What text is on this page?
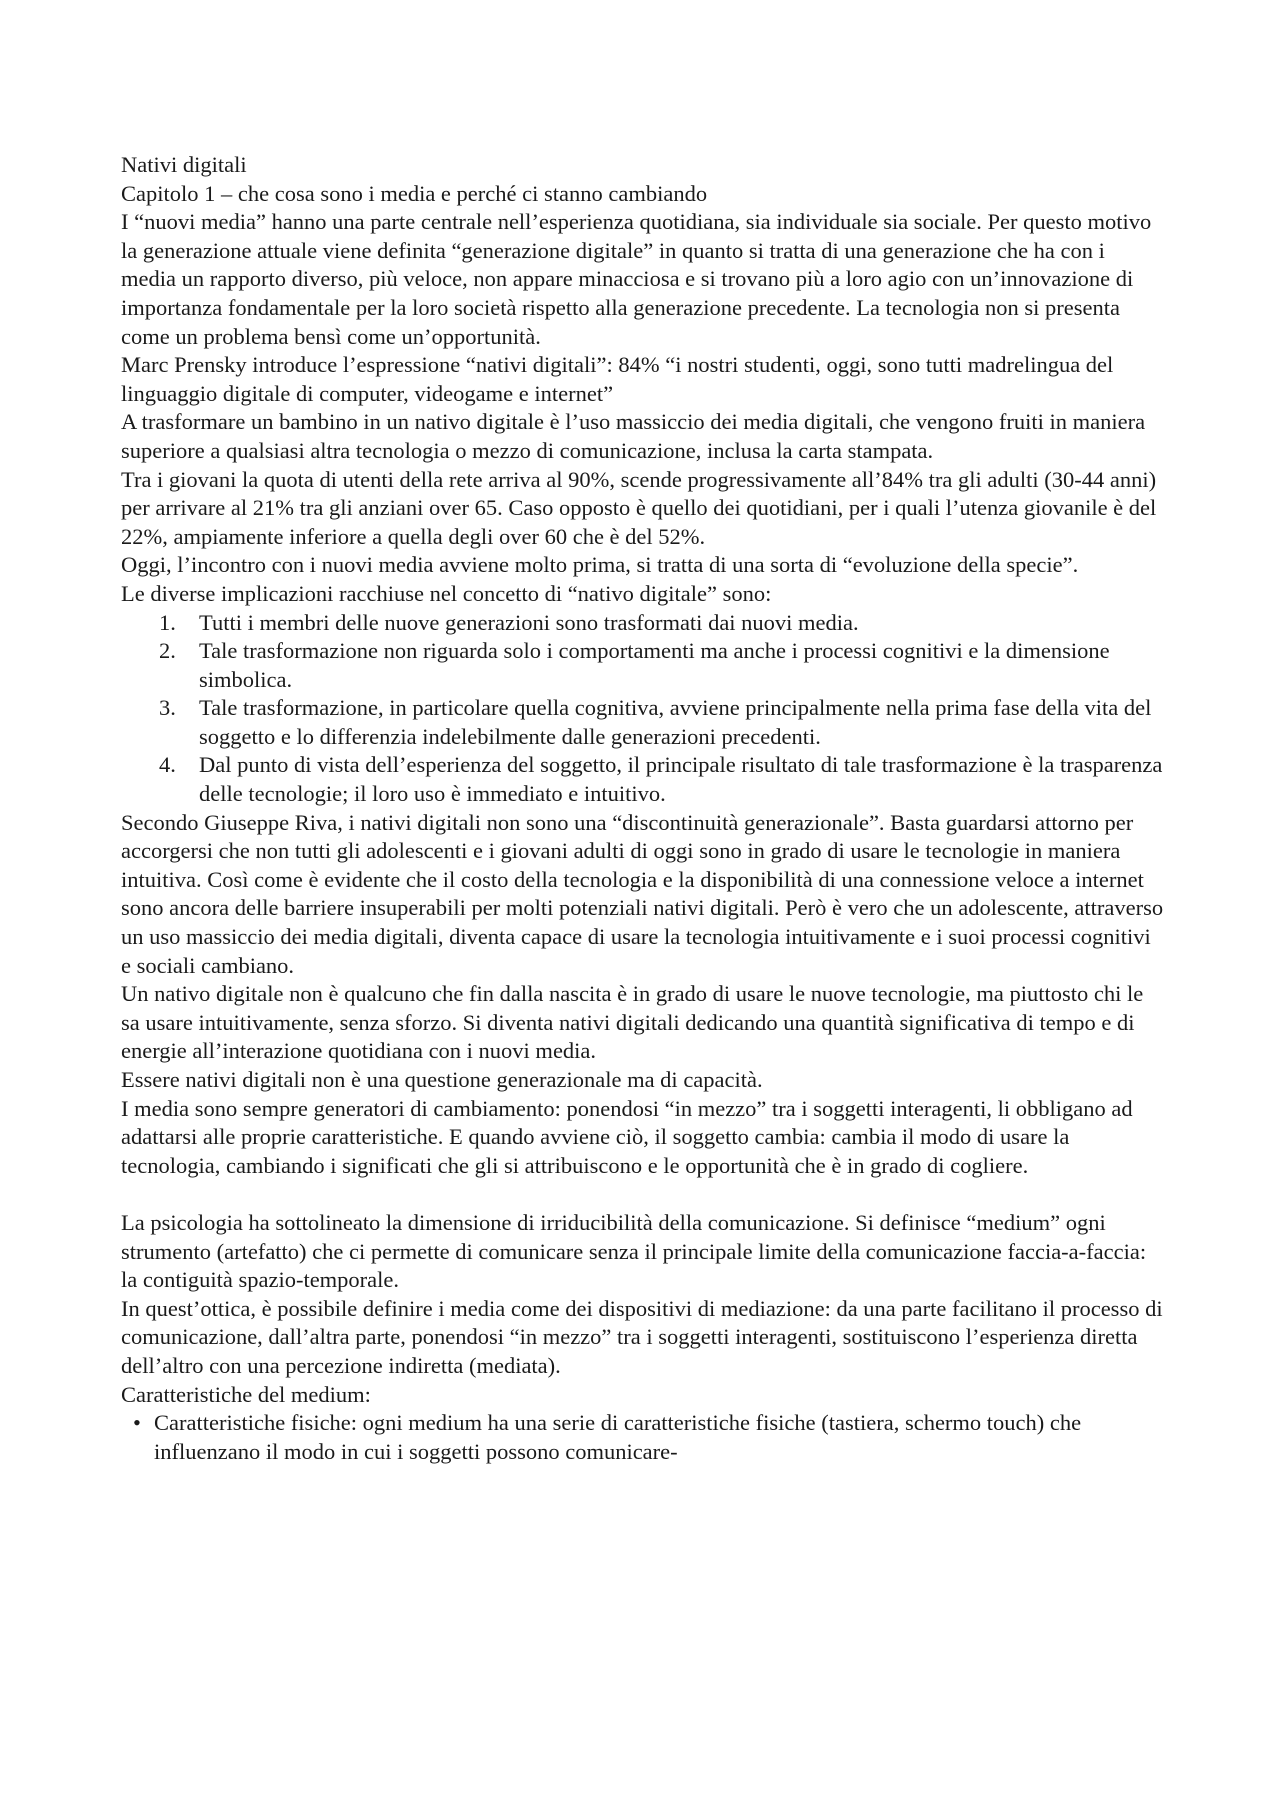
Nativi digitali

Capitolo 1 – che cosa sono i media e perché ci stanno cambiando

I “nuovi media” hanno una parte centrale nell’esperienza quotidiana, sia individuale sia sociale. Per questo motivo la generazione attuale viene definita “generazione digitale” in quanto si tratta di una generazione che ha con i media un rapporto diverso, più veloce, non appare minacciosa e si trovano più a loro agio con un’innovazione di importanza fondamentale per la loro società rispetto alla generazione precedente. La tecnologia non si presenta come un problema bensì come un’opportunità.

Marc Prensky introduce l’espressione “nativi digitali”: 84% “i nostri studenti, oggi, sono tutti madrelingua del linguaggio digitale di computer, videogame e internet”

A trasformare un bambino in un nativo digitale è l’uso massiccio dei media digitali, che vengono fruiti in maniera superiore a qualsiasi altra tecnologia o mezzo di comunicazione, inclusa la carta stampata.

Tra i giovani la quota di utenti della rete arriva al 90%, scende progressivamente all’84% tra gli adulti (30-44 anni) per arrivare al 21% tra gli anziani over 65. Caso opposto è quello dei quotidiani, per i quali l’utenza giovanile è del 22%, ampiamente inferiore a quella degli over 60 che è del 52%.

Oggi, l’incontro con i nuovi media avviene molto prima, si tratta di una sorta di “evoluzione della specie”.

Le diverse implicazioni racchiuse nel concetto di “nativo digitale” sono:

1. Tutti i membri delle nuove generazioni sono trasformati dai nuovi media.
2. Tale trasformazione non riguarda solo i comportamenti ma anche i processi cognitivi e la dimensione simbolica.
3. Tale trasformazione, in particolare quella cognitiva, avviene principalmente nella prima fase della vita del soggetto e lo differenzia indelebilmente dalle generazioni precedenti.
4. Dal punto di vista dell’esperienza del soggetto, il principale risultato di tale trasformazione è la trasparenza delle tecnologie; il loro uso è immediato e intuitivo.

Secondo Giuseppe Riva, i nativi digitali non sono una “discontinuità generazionale”. Basta guardarsi attorno per accorgersi che non tutti gli adolescenti e i giovani adulti di oggi sono in grado di usare le tecnologie in maniera intuitiva. Così come è evidente che il costo della tecnologia e la disponibilità di una connessione veloce a internet sono ancora delle barriere insuperabili per molti potenziali nativi digitali. Però è vero che un adolescente, attraverso un uso massiccio dei media digitali, diventa capace di usare la tecnologia intuitivamente e i suoi processi cognitivi e sociali cambiano.

Un nativo digitale non è qualcuno che fin dalla nascita è in grado di usare le nuove tecnologie, ma piuttosto chi le sa usare intuitivamente, senza sforzo. Si diventa nativi digitali dedicando una quantità significativa di tempo e di energie all’interazione quotidiana con i nuovi media.

Essere nativi digitali non è una questione generazionale ma di capacità.

I media sono sempre generatori di cambiamento: ponendosi “in mezzo” tra i soggetti interagenti, li obbligano ad adattarsi alle proprie caratteristiche. E quando avviene ciò, il soggetto cambia: cambia il modo di usare la tecnologia, cambiando i significati che gli si attribuiscono e le opportunità che è in grado di cogliere.

La psicologia ha sottolineato la dimensione di irriducibilità della comunicazione. Si definisce “medium” ogni strumento (artefatto) che ci permette di comunicare senza il principale limite della comunicazione faccia-a-faccia: la contiguità spazio-temporale.

In quest’ottica, è possibile definire i media come dei dispositivi di mediazione: da una parte facilitano il processo di comunicazione, dall’altra parte, ponendosi “in mezzo” tra i soggetti interagenti, sostituiscono l’esperienza diretta dell’altro con una percezione indiretta (mediata).

Caratteristiche del medium:

• Caratteristiche fisiche: ogni medium ha una serie di caratteristiche fisiche (tastiera, schermo touch) che influenzano il modo in cui i soggetti possono comunicare-
